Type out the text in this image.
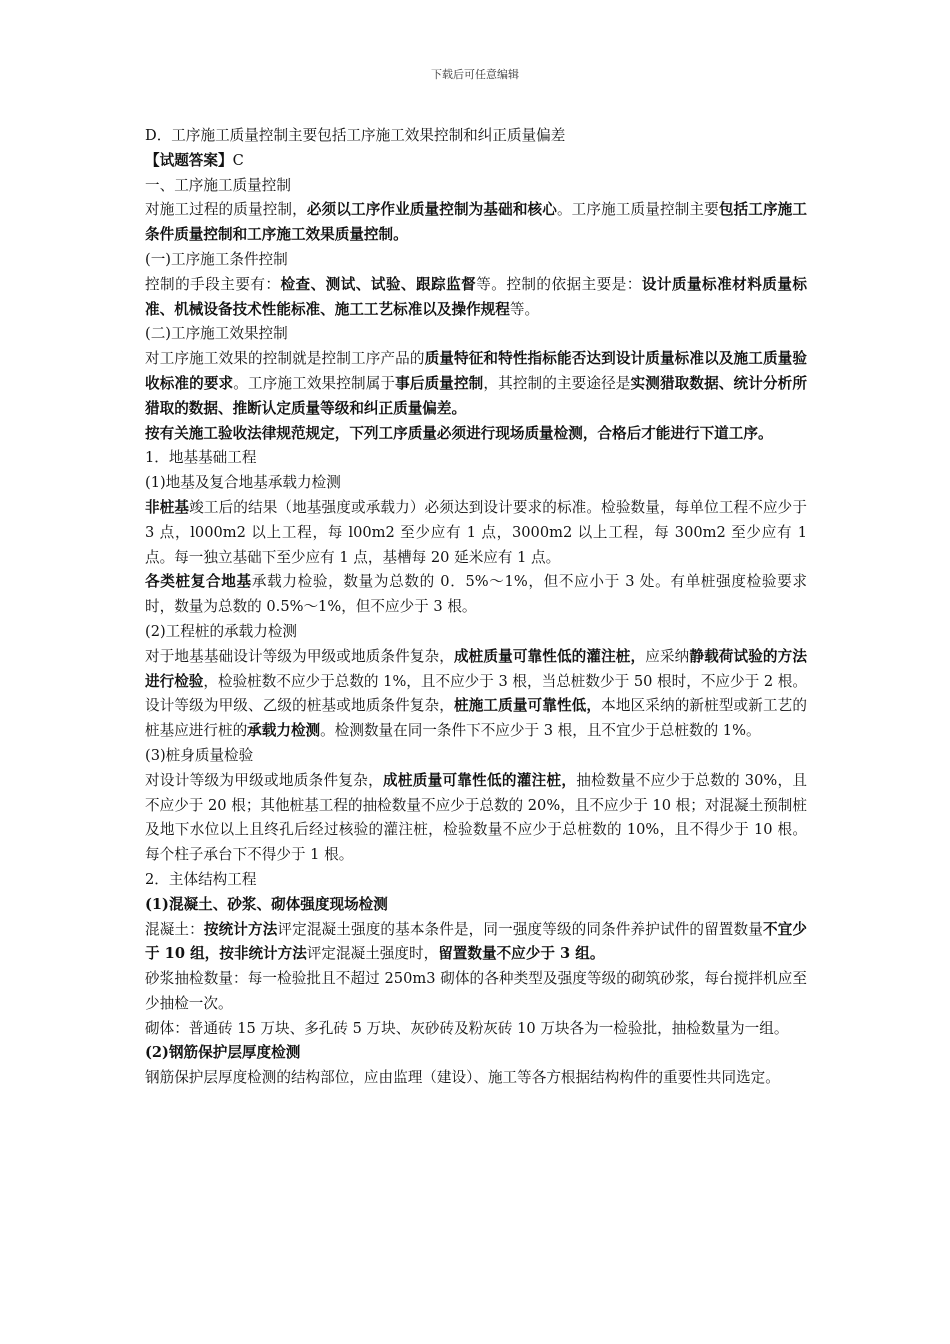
下载后可任意编辑

D．工序施工质量控制主要包括工序施工效果控制和纠正质量偏差

【试题答案】C

一、工序施工质量控制

对施工过程的质量控制，必须以工序作业质量控制为基础和核心。工序施工质量控制主要包括工序施工条件质量控制和工序施工效果质量控制。

(一)工序施工条件控制

控制的手段主要有：检查、测试、试验、跟踪监督等。控制的依据主要是：设计质量标准材料质量标准、机械设备技术性能标准、施工工艺标准以及操作规程等。

(二)工序施工效果控制

对工序施工效果的控制就是控制工序产品的质量特征和特性指标能否达到设计质量标准以及施工质量验收标准的要求。工序施工效果控制属于事后质量控制，其控制的主要途径是实测猎取数据、统计分析所猎取的数据、推断认定质量等级和纠正质量偏差。

按有关施工验收法律规范规定，下列工序质量必须进行现场质量检测，合格后才能进行下道工序。

1．地基基础工程

(1)地基及复合地基承载力检测

非桩基竣工后的结果（地基强度或承载力）必须达到设计要求的标准。检验数量，每单位工程不应少于 3 点，l000m2 以上工程，每 l00m2 至少应有 1 点，3000m2 以上工程，每 300m2 至少应有 1 点。每一独立基础下至少应有 1 点，基槽每 20 延米应有 1 点。

各类桩复合地基承载力检验，数量为总数的 0．5%～1%，但不应小于 3 处。有单桩强度检验要求时，数量为总数的 0.5%～1%，但不应少于 3 根。

(2)工程桩的承载力检测

对于地基基础设计等级为甲级或地质条件复杂，成桩质量可靠性低的灌注桩，应采纳静载荷试验的方法进行检验，检验桩数不应少于总数的 1%，且不应少于 3 根，当总桩数少于 50 根时，不应少于 2 根。

设计等级为甲级、乙级的桩基或地质条件复杂，桩施工质量可靠性低，本地区采纳的新桩型或新工艺的桩基应进行桩的承载力检测。检测数量在同一条件下不应少于 3 根，且不宜少于总桩数的 1%。

(3)桩身质量检验

对设计等级为甲级或地质条件复杂，成桩质量可靠性低的灌注桩，抽检数量不应少于总数的 30%，且不应少于 20 根；其他桩基工程的抽检数量不应少于总数的 20%，且不应少于 10 根；对混凝土预制桩及地下水位以上且终孔后经过核验的灌注桩，检验数量不应少于总桩数的 10%，且不得少于 10 根。每个柱子承台下不得少于 1 根。

2．主体结构工程

(1)混凝土、砂浆、砌体强度现场检测

混凝土：按统计方法评定混凝土强度的基本条件是，同一强度等级的同条件养护试件的留置数量不宜少于 10 组，按非统计方法评定混凝土强度时，留置数量不应少于 3 组。

砂浆抽检数量：每一检验批且不超过 250m3 砌体的各种类型及强度等级的砌筑砂浆，每台搅拌机应至少抽检一次。

砌体：普通砖 15 万块、多孔砖 5 万块、灰砂砖及粉灰砖 10 万块各为一检验批，抽检数量为一组。

(2)钢筋保护层厚度检测

钢筋保护层厚度检测的结构部位，应由监理（建设）、施工等各方根据结构构件的重要性共同选定。
